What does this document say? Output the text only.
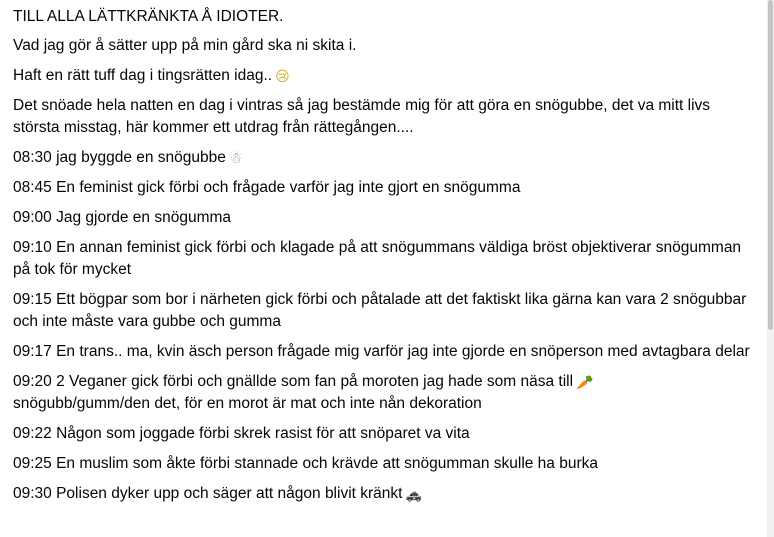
TILL ALLA LÄTTKRÄNKTA Å IDIOTER.

Vad jag gör å sätter upp på min gård ska ni skita i.

Haft en rätt tuff dag i tingsrätten idag.. 😢

Det snöade hela natten en dag i vintras så jag bestämde mig för att göra en snögubbe, det va mitt livs största misstag, här kommer ett utdrag från rättegången....

08:30 jag byggde en snögubbe ☃

08:45 En feminist gick förbi och frågade varför jag inte gjort en snögumma

09:00 Jag gjorde en snögumma

09:10 En annan feminist gick förbi och klagade på att snögummans väldiga bröst objektiverar snögumman på tok för mycket

09:15 Ett bögpar som bor i närheten gick förbi och påtalade att det faktiskt lika gärna kan vara 2 snögubbar och inte måste vara gubbe och gumma

09:17 En trans.. ma, kvin äsch person frågade mig varför jag inte gjorde en snöperson med avtagbara delar

09:20 2 Veganer gick förbi och gnällde som fan på moroten jag hade som näsa till 🥕
snögubb/gumm/den det, för en morot är mat och inte nån dekoration

09:22 Någon som joggade förbi skrek rasist för att snöparet va vita

09:25 En muslim som åkte förbi stannade och krävde att snögumman skulle ha burka

09:30 Polisen dyker upp och säger att någon blivit kränkt 🚓
